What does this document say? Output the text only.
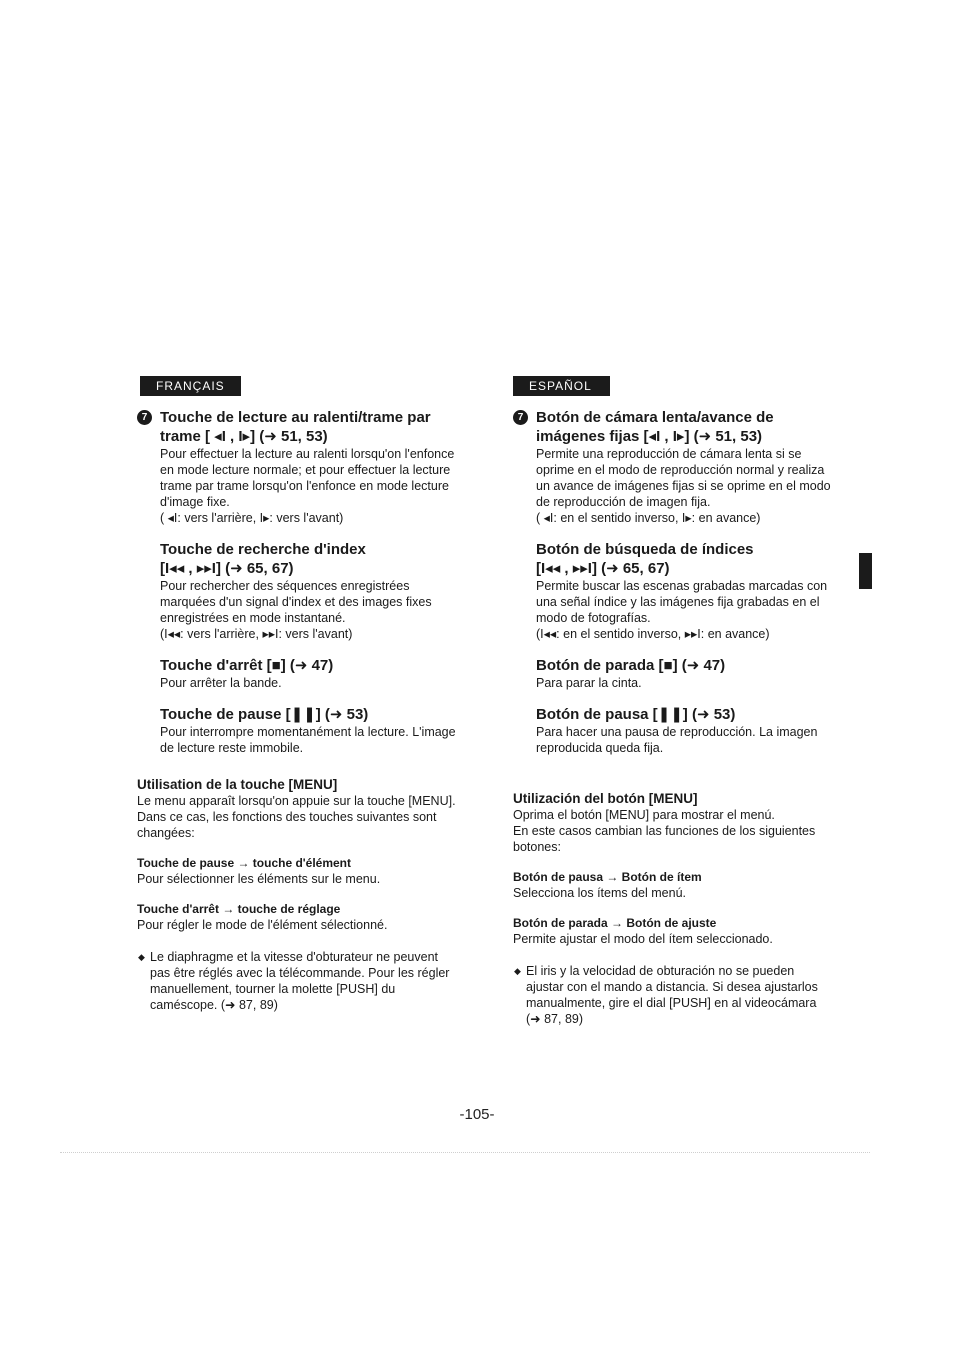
FRANÇAIS
7 Touche de lecture au ralenti/trame par
trame [ ◂I , I▸] (➜ 51, 53)

Pour effectuer la lecture au ralenti lorsqu'on l'enfonce
en mode lecture normale; et pour effectuer la lecture
trame par trame lorsqu'on l'enfonce en mode lecture
d'image fixe.
( ◂I: vers l'arrière, I▸: vers l'avant)

Touche de recherche d'index
[I◂◂ , ▸▸I] (➜ 65, 67)

Pour rechercher des séquences enregistrées
marquées d'un signal d'index et des images fixes
enregistrées en mode instantané.
(I◂◂: vers l'arrière, ▸▸I: vers l'avant)

Touche d'arrêt [■] (➜ 47)

Pour arrêter la bande.

Touche de pause [❚❚] (➜ 53)

Pour interrompre momentanément la lecture. L'image
de lecture reste immobile.

Utilisation de la touche [MENU]

Le menu apparaît lorsqu'on appuie sur la touche [MENU].
Dans ce cas, les fonctions des touches suivantes sont
changées:

Touche de pause → touche d'élément

Pour sélectionner les éléments sur le menu.

Touche d'arrêt → touche de réglage

Pour régler le mode de l'élément sélectionné.

◆ Le diaphragme et la vitesse d'obturateur ne peuvent
pas être réglés avec la télécommande. Pour les régler
manuellement, tourner la molette [PUSH] du
caméscope. (➜ 87, 89)
ESPAÑOL
7 Botón de cámara lenta/avance de
imágenes fijas [◂I , I▸] (➜ 51, 53)

Permite una reproducción de cámara lenta si se
oprime en el modo de reproducción normal y realiza
un avance de imágenes fijas si se oprime en el modo
de reproducción de imagen fija.
( ◂I: en el sentido inverso, I▸: en avance)

Botón de búsqueda de índices
[I◂◂ , ▸▸I] (➜ 65, 67)

Permite buscar las escenas grabadas marcadas con
una señal índice y las imágenes fija grabadas en el
modo de fotografías.
(I◂◂: en el sentido inverso, ▸▸I: en avance)

Botón de parada [■] (➜ 47)

Para parar la cinta.

Botón de pausa [❚❚] (➜ 53)

Para hacer una pausa de reproducción. La imagen
reproducida queda fija.

Utilización del botón [MENU]

Oprima el botón [MENU] para mostrar el menú.
En este casos cambian las funciones de los siguientes
botones:

Botón de pausa → Botón de ítem

Selecciona los ítems del menú.

Botón de parada → Botón de ajuste

Permite ajustar el modo del ítem seleccionado.

◆ El iris y la velocidad de obturación no se pueden
ajustar con el mando a distancia. Si desea ajustarlos
manualmente, gire el dial [PUSH] en al videocámara
(➜ 87, 89)
-105-
